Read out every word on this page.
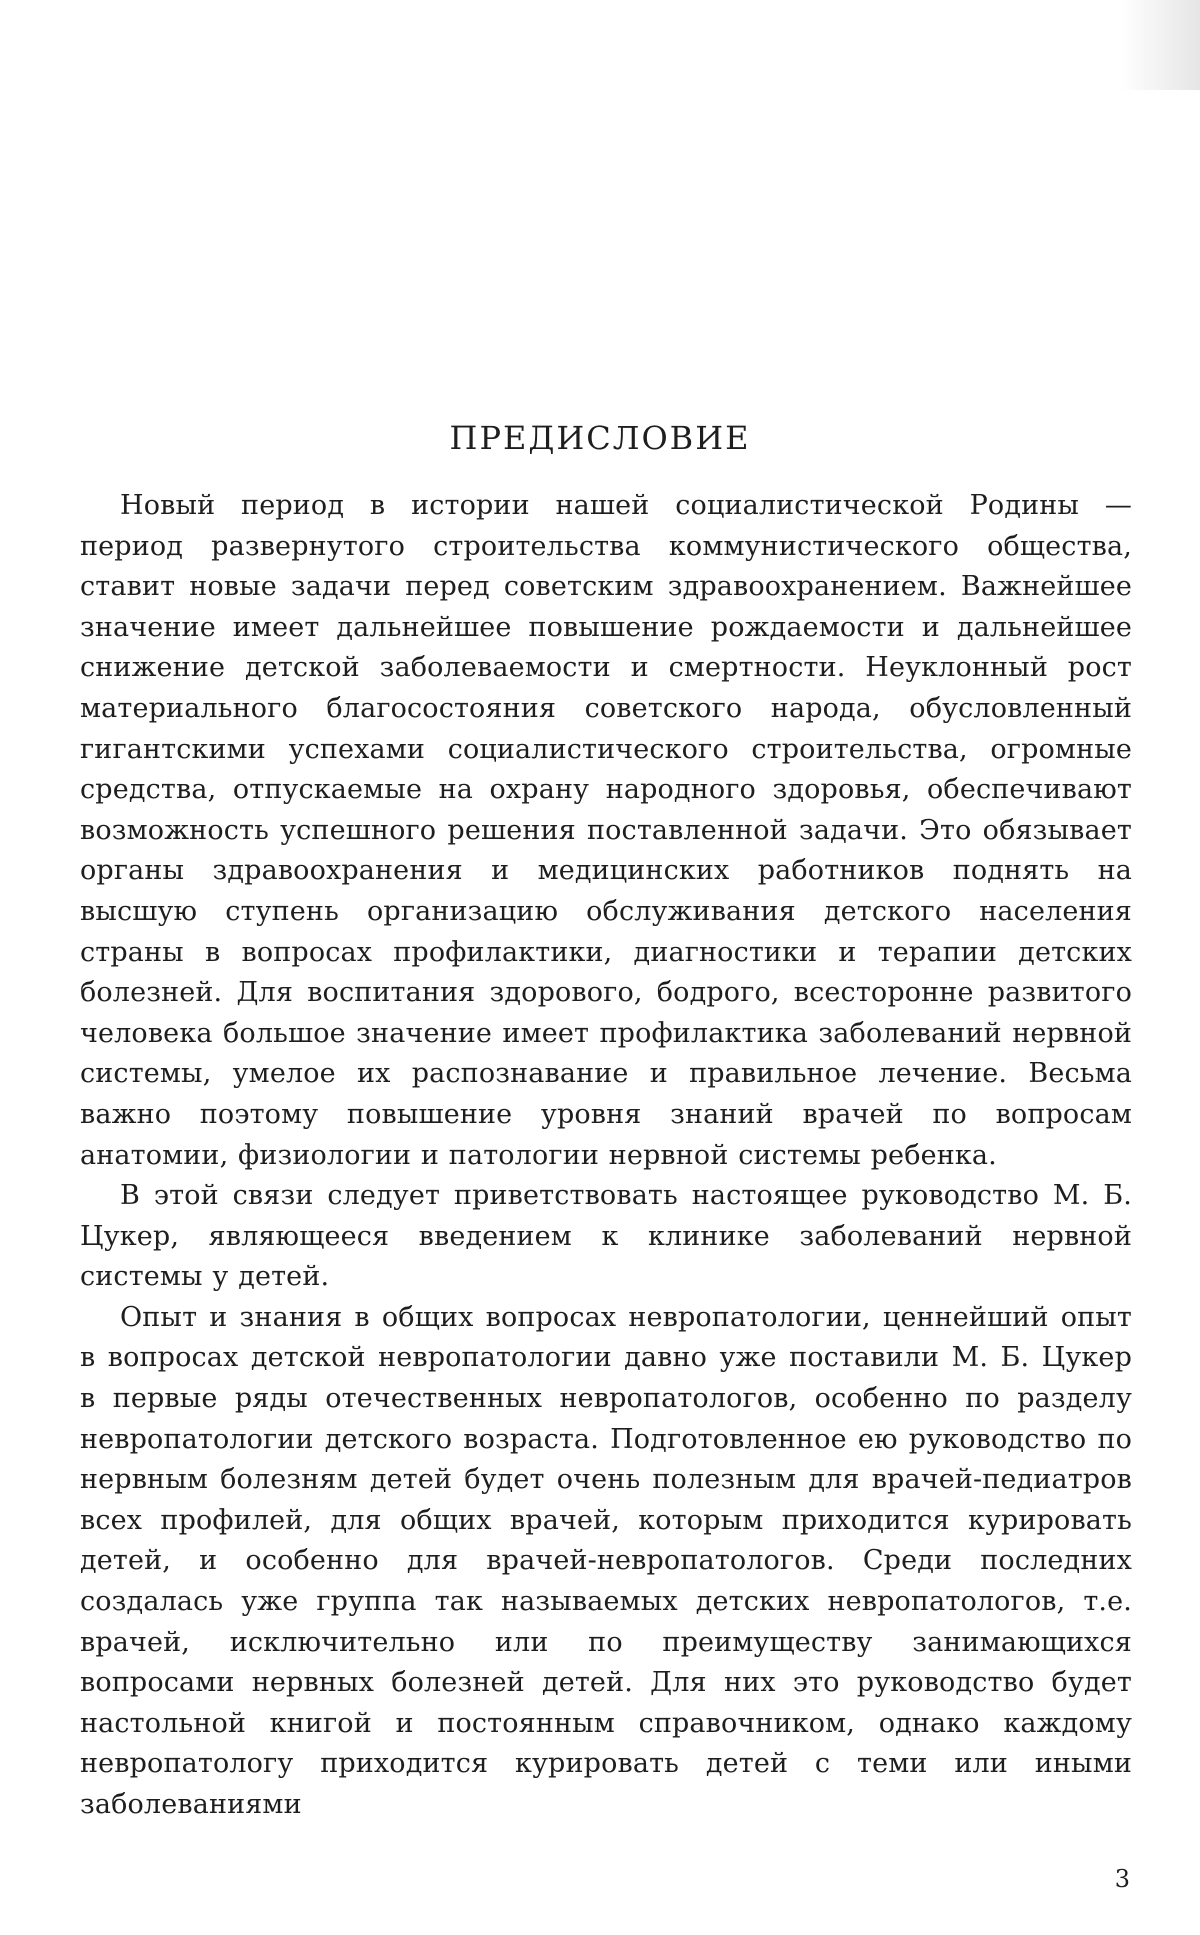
ПРЕДИСЛОВИЕ

Новый период в истории нашей социалистической Родины — период развернутого строительства коммунистического общества, ставит новые задачи перед советским здравоохранением. Важнейшее значение имеет дальнейшее повышение рождаемости и дальнейшее снижение детской заболеваемости и смертности. Неуклонный рост материального благосостояния советского народа, обусловленный гигантскими успехами социалистического строительства, огромные средства, отпускаемые на охрану народного здоровья, обеспечивают возможность успешного решения поставленной задачи. Это обязывает органы здравоохранения и медицинских работников поднять на высшую ступень организацию обслуживания детского населения страны в вопросах профилактики, диагностики и терапии детских болезней. Для воспитания здорового, бодрого, всесторонне развитого человека большое значение имеет профилактика заболеваний нервной системы, умелое их распознавание и правильное лечение. Весьма важно поэтому повышение уровня знаний врачей по вопросам анатомии, физиологии и патологии нервной системы ребенка.

В этой связи следует приветствовать настоящее руководство М. Б. Цукер, являющееся введением к клинике заболеваний нервной системы у детей.

Опыт и знания в общих вопросах невропатологии, ценнейший опыт в вопросах детской невропатологии давно уже поставили М. Б. Цукер в первые ряды отечественных невропатологов, особенно по разделу невропатологии детского возраста. Подготовленное ею руководство по нервным болезням детей будет очень полезным для врачей-педиатров всех профилей, для общих врачей, которым приходится курировать детей, и особенно для врачей-невропатологов. Среди последних создалась уже группа так называемых детских невропатологов, т.е. врачей, исключительно или по преимуществу занимающихся вопросами нервных болезней детей. Для них это руководство будет настольной книгой и постоянным справочником, однако каждому невропатологу приходится курировать детей с теми или иными заболеваниями

3
